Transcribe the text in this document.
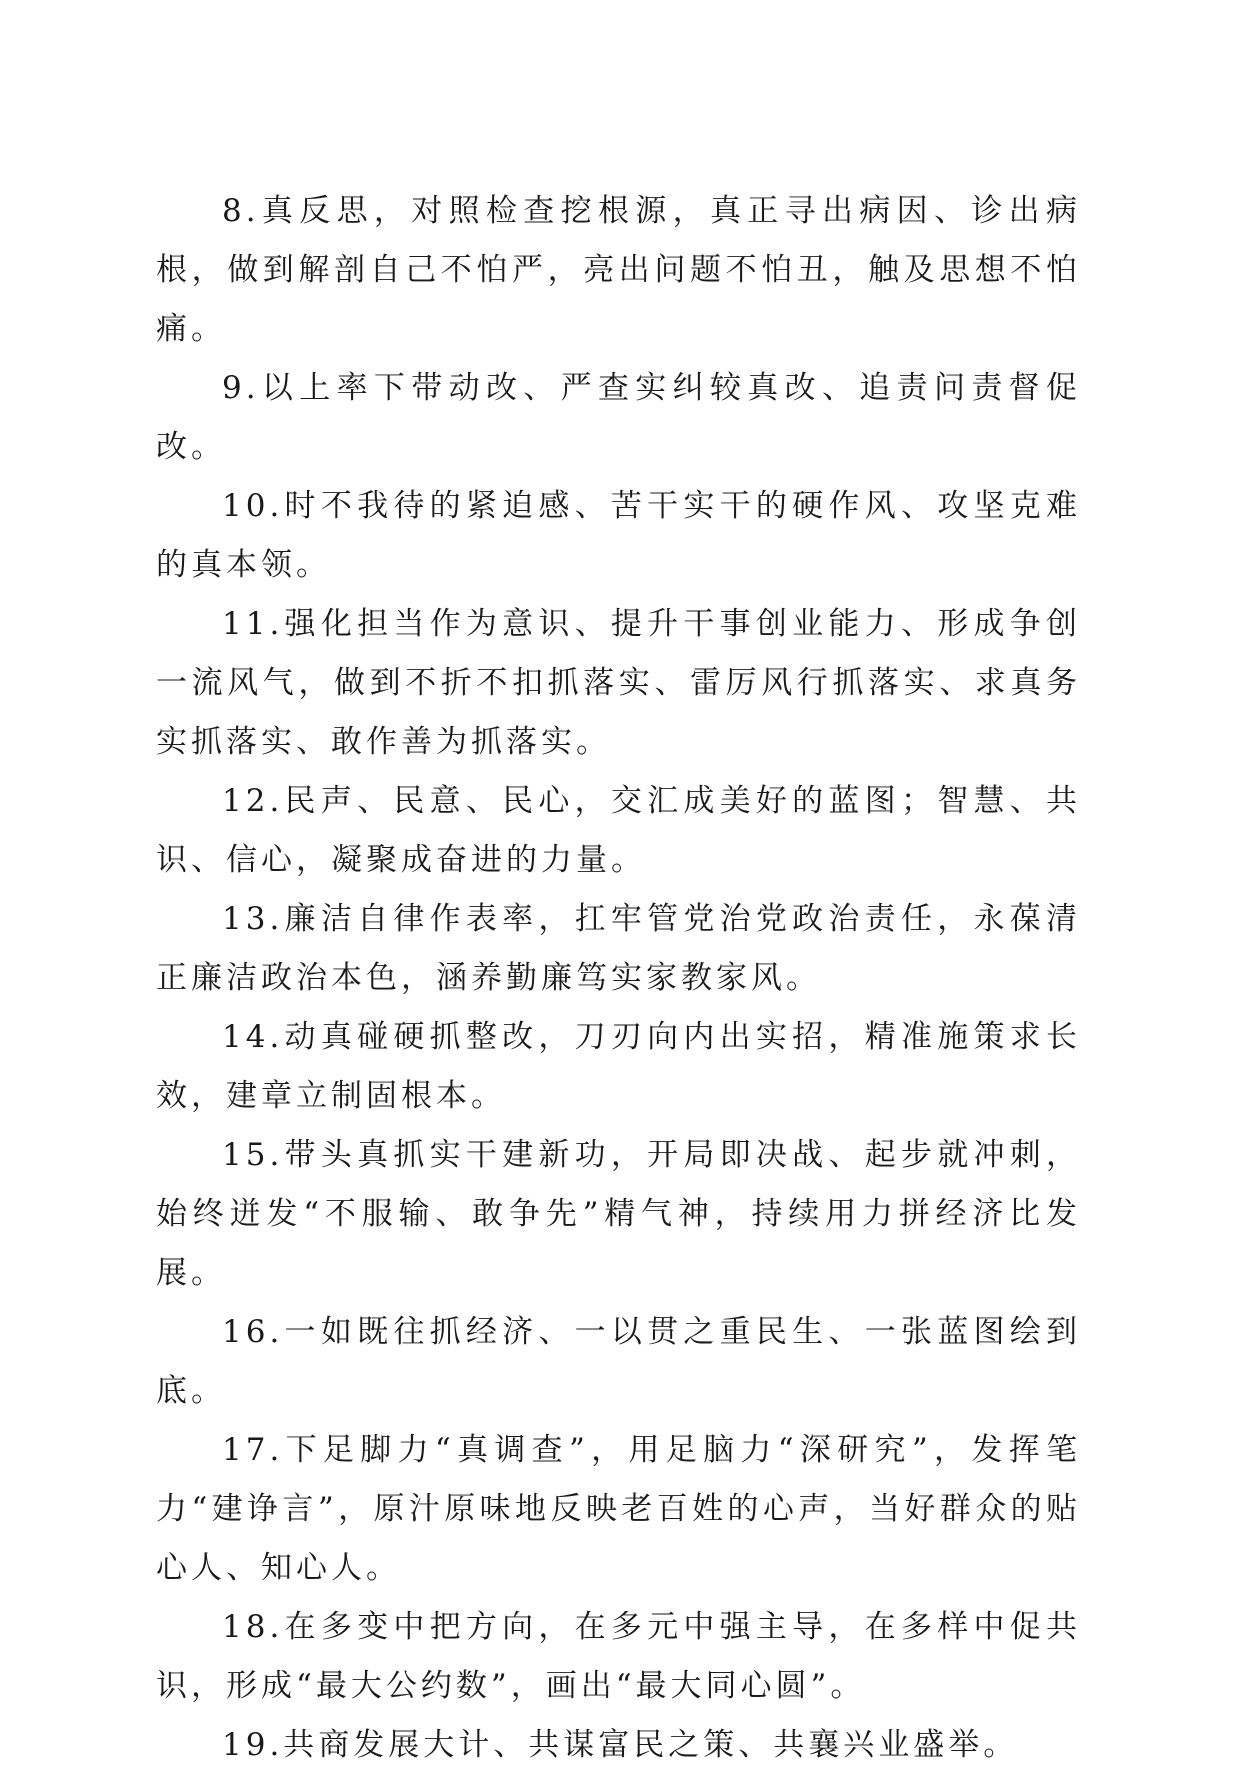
8.真反思，对照检查挖根源，真正寻出病因、诊出病根，做到解剖自己不怕严，亮出问题不怕丑，触及思想不怕痛。

9.以上率下带动改、严查实纠较真改、追责问责督促改。

10.时不我待的紧迫感、苦干实干的硬作风、攻坚克难的真本领。

11.强化担当作为意识、提升干事创业能力、形成争创一流风气，做到不折不扣抓落实、雷厉风行抓落实、求真务实抓落实、敢作善为抓落实。

12.民声、民意、民心，交汇成美好的蓝图；智慧、共识、信心，凝聚成奋进的力量。

13.廉洁自律作表率，扛牢管党治党政治责任，永葆清正廉洁政治本色，涵养勤廉笃实家教家风。

14.动真碰硬抓整改，刀刃向内出实招，精准施策求长效，建章立制固根本。

15.带头真抓实干建新功，开局即决战、起步就冲刺，始终迸发“不服输、敢争先”精气神，持续用力拼经济比发展。

16.一如既往抓经济、一以贯之重民生、一张蓝图绘到底。

17.下足脚力“真调查”，用足脑力“深研究”，发挥笔力“建诤言”，原汁原味地反映老百姓的心声，当好群众的贴心人、知心人。

18.在多变中把方向，在多元中强主导，在多样中促共识，形成“最大公约数”，画出“最大同心圆”。

19.共商发展大计、共谋富民之策、共襄兴业盛举。
